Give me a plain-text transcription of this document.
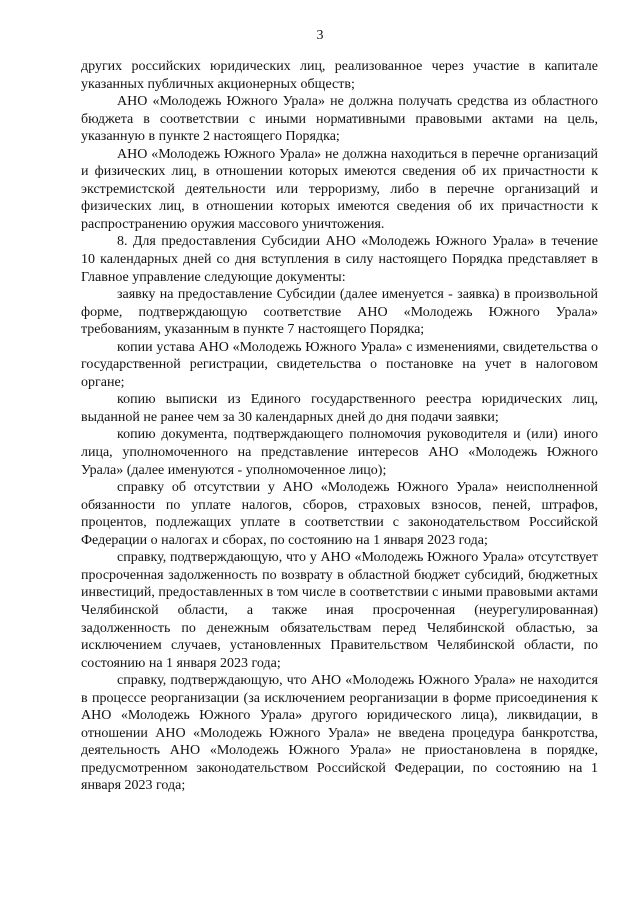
3

других российских юридических лиц, реализованное через участие в капитале указанных публичных акционерных обществ;

АНО «Молодежь Южного Урала» не должна получать средства из областного бюджета в соответствии с иными нормативными правовыми актами на цель, указанную в пункте 2 настоящего Порядка;

АНО «Молодежь Южного Урала» не должна находиться в перечне организаций и физических лиц, в отношении которых имеются сведения об их причастности к экстремистской деятельности или терроризму, либо в перечне организаций и физических лиц, в отношении которых имеются сведения об их причастности к распространению оружия массового уничтожения.

8. Для предоставления Субсидии АНО «Молодежь Южного Урала» в течение 10 календарных дней со дня вступления в силу настоящего Порядка представляет в Главное управление следующие документы:

заявку на предоставление Субсидии (далее именуется - заявка) в произвольной форме, подтверждающую соответствие АНО «Молодежь Южного Урала» требованиям, указанным в пункте 7 настоящего Порядка;

копии устава АНО «Молодежь Южного Урала» с изменениями, свидетельства о государственной регистрации, свидетельства о постановке на учет в налоговом органе;

копию выписки из Единого государственного реестра юридических лиц, выданной не ранее чем за 30 календарных дней до дня подачи заявки;

копию документа, подтверждающего полномочия руководителя и (или) иного лица, уполномоченного на представление интересов АНО «Молодежь Южного Урала» (далее именуются - уполномоченное лицо);

справку об отсутствии у АНО «Молодежь Южного Урала» неисполненной обязанности по уплате налогов, сборов, страховых взносов, пеней, штрафов, процентов, подлежащих уплате в соответствии с законодательством Российской Федерации о налогах и сборах, по состоянию на 1 января 2023 года;

справку, подтверждающую, что у АНО «Молодежь Южного Урала» отсутствует просроченная задолженность по возврату в областной бюджет субсидий, бюджетных инвестиций, предоставленных в том числе в соответствии с иными правовыми актами Челябинской области, а также иная просроченная (неурегулированная) задолженность по денежным обязательствам перед Челябинской областью, за исключением случаев, установленных Правительством Челябинской области, по состоянию на 1 января 2023 года;

справку, подтверждающую, что АНО «Молодежь Южного Урала» не находится в процессе реорганизации (за исключением реорганизации в форме присоединения к АНО «Молодежь Южного Урала» другого юридического лица), ликвидации, в отношении АНО «Молодежь Южного Урала» не введена процедура банкротства, деятельность АНО «Молодежь Южного Урала» не приостановлена в порядке, предусмотренном законодательством Российской Федерации, по состоянию на 1 января 2023 года;
